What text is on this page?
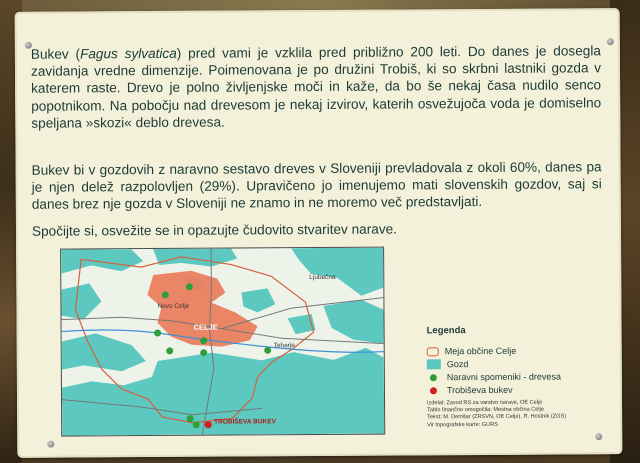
Bukev (Fagus sylvatica) pred vami je vzklila pred približno 200 leti. Do danes je dosegla zavidanja vredne dimenzije. Poimenovana je po družini Trobiš, ki so skrbni lastniki gozda v katerem raste. Drevo je polno življenjske moči in kaže, da bo še nekaj časa nudilo senco popotnikom. Na pobočju nad drevesom je nekaj izvirov, katerih osvežujoča voda je domiselno speljana »skozi« deblo drevesa.

Bukev bi v gozdovih z naravno sestavo dreves v Sloveniji prevladovala z okoli 60%, danes pa je njen delež razpolovljen (29%). Upravičeno jo imenujemo mati slovenskih gozdov, saj si danes brez nje gozda v Sloveniji ne znamo in ne moremo več predstavljati.

Spočijte si, osvežite se in opazujte čudovito stvaritev narave.

Ljubečna
CELJE
Novo Celje
Teharje
TROBIŠEVA BUKEV
Legenda
Meja občine Celje
Gozd
Naravni spomeniki - drevesa
Trobiševa bukev
Izdelal: Zavod RS za varstvo narave, OE Celje
Tablo finančno omogočila: Mestna občina Celje
Tekst: M. Demšar (ZRSVN, OE Celje), R. Hostnik (ZGS)
Vir topografske karte: GURS
